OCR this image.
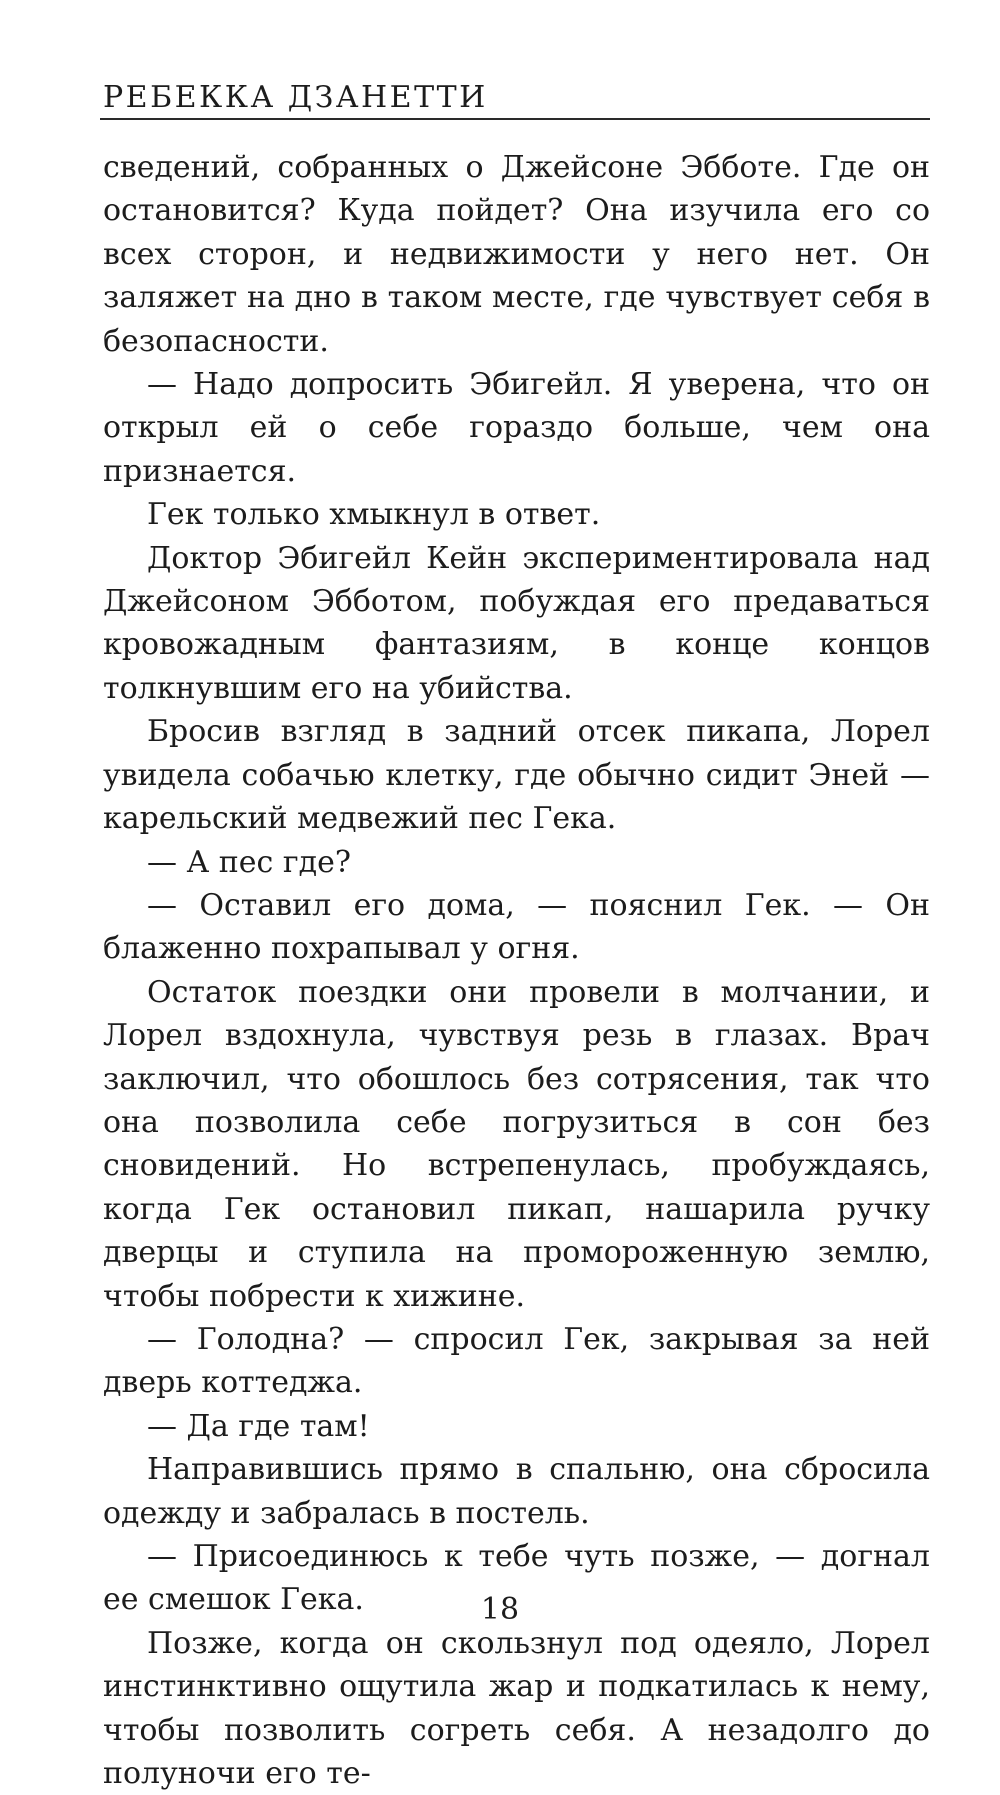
РЕБЕККА ДЗАНЕТТИ

сведений, собранных о Джейсоне Эбботе. Где он остановится? Куда пойдет? Она изучила его со всех сторон, и недвижимости у него нет. Он заляжет на дно в таком месте, где чувствует себя в безопасности.

— Надо допросить Эбигейл. Я уверена, что он открыл ей о себе гораздо больше, чем она признается.

Гек только хмыкнул в ответ.

Доктор Эбигейл Кейн экспериментировала над Джейсоном Эбботом, побуждая его предаваться кровожадным фантазиям, в конце концов толкнувшим его на убийства.

Бросив взгляд в задний отсек пикапа, Лорел увидела собачью клетку, где обычно сидит Эней — карельский медвежий пес Гека.

— А пес где?

— Оставил его дома, — пояснил Гек. — Он блаженно похрапывал у огня.

Остаток поездки они провели в молчании, и Лорел вздохнула, чувствуя резь в глазах. Врач заключил, что обошлось без сотрясения, так что она позволила себе погрузиться в сон без сновидений. Но встрепенулась, пробуждаясь, когда Гек остановил пикап, нашарила ручку дверцы и ступила на промороженную землю, чтобы побрести к хижине.

— Голодна? — спросил Гек, закрывая за ней дверь коттеджа.

— Да где там!

Направившись прямо в спальню, она сбросила одежду и забралась в постель.

— Присоединюсь к тебе чуть позже, — догнал ее смешок Гека.

Позже, когда он скользнул под одеяло, Лорел инстинктивно ощутила жар и подкатилась к нему, чтобы позволить согреть себя. А незадолго до полуночи его те-

18
